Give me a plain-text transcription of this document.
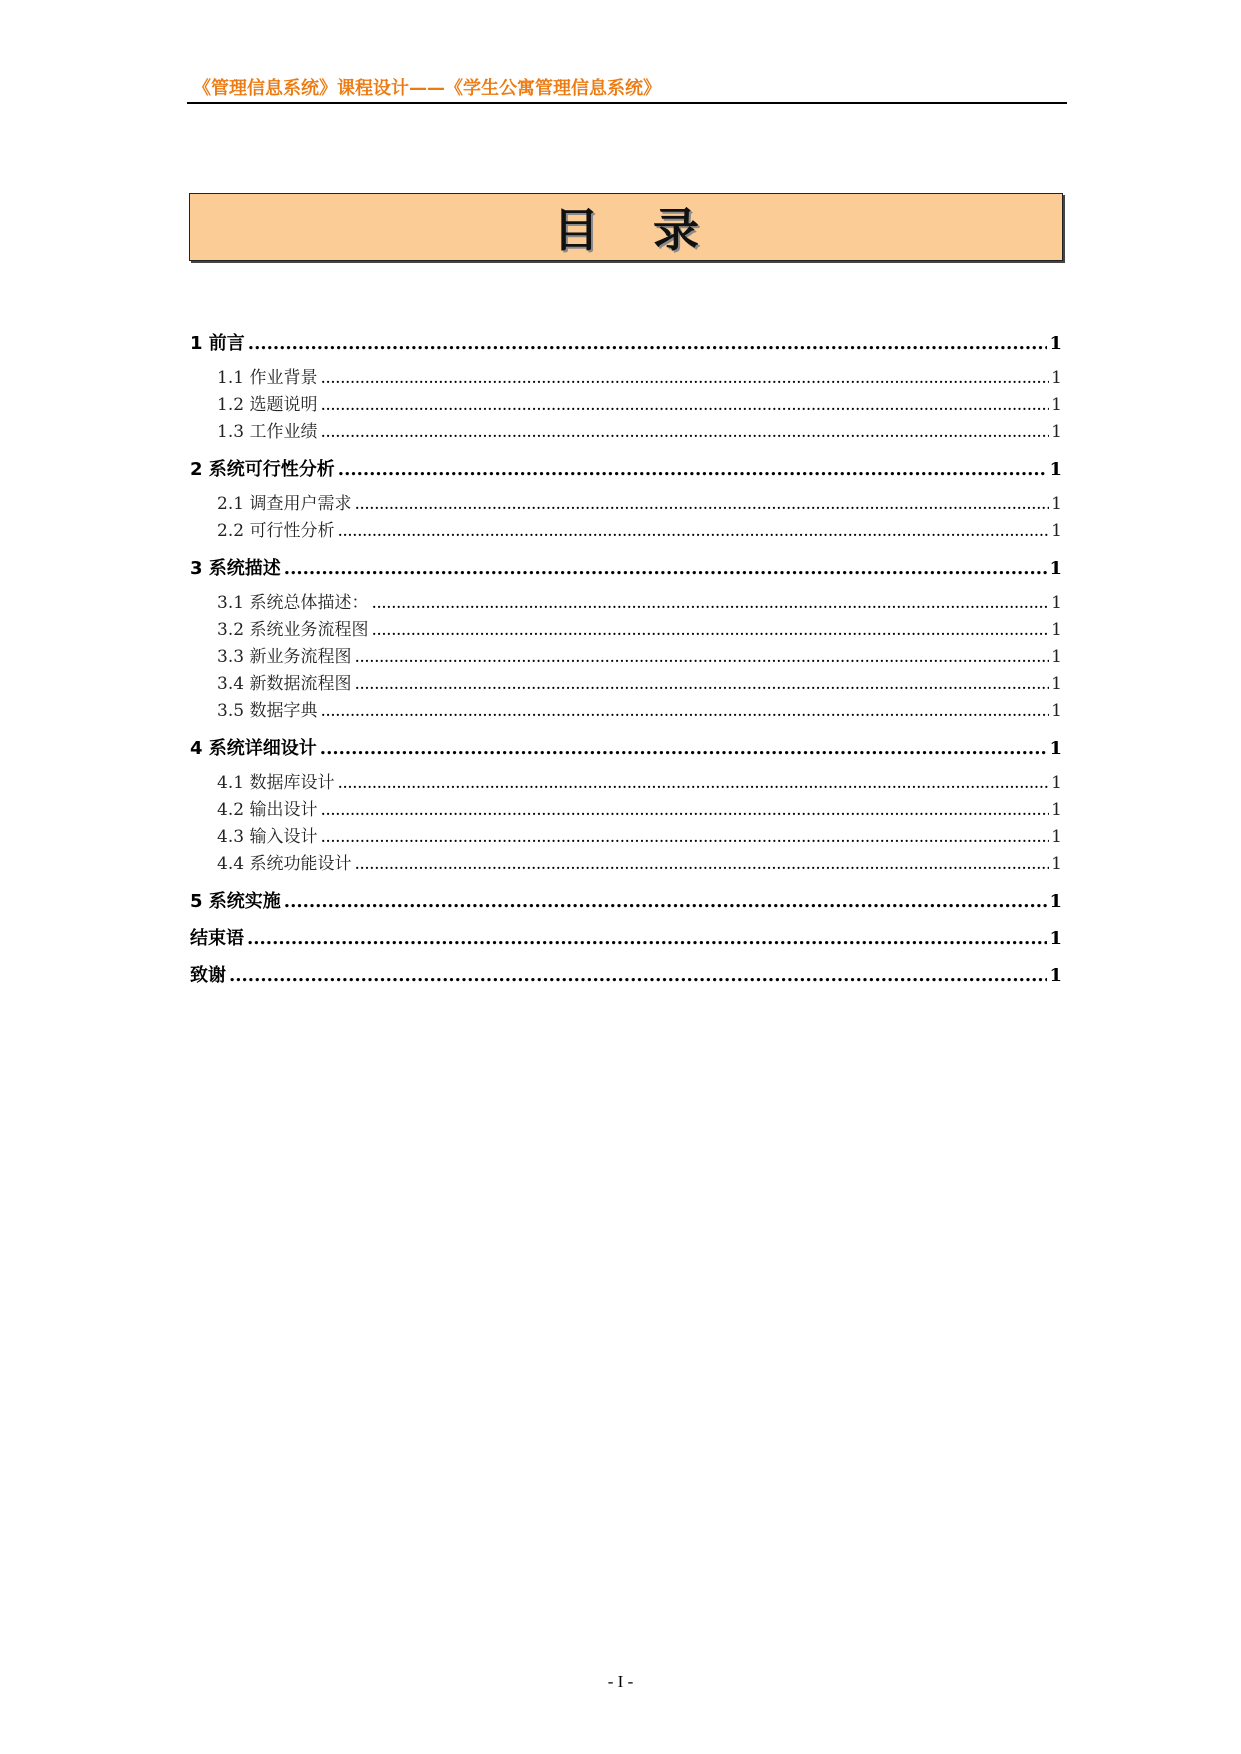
《管理信息系统》课程设计——《学生公寓管理信息系统》
目录
1 前言 .....	1
1.1 作业背景 .....	1
1.2 选题说明 .....	1
1.3 工作业绩 .....	1
2 系统可行性分析 .....	1
2.1 调查用户需求 .....	1
2.2 可行性分析 .....	1
3 系统描述 .....	1
3.1 系统总体描述： .....	1
3.2 系统业务流程图 .....	1
3.3 新业务流程图 .....	1
3.4 新数据流程图 .....	1
3.5 数据字典 .....	1
4 系统详细设计 .....	1
4.1 数据库设计 .....	1
4.2 输出设计 .....	1
4.3 输入设计 .....	1
4.4 系统功能设计 .....	1
5 系统实施 .....	1
结束语 .....	1
致谢 .....	1
- I -
